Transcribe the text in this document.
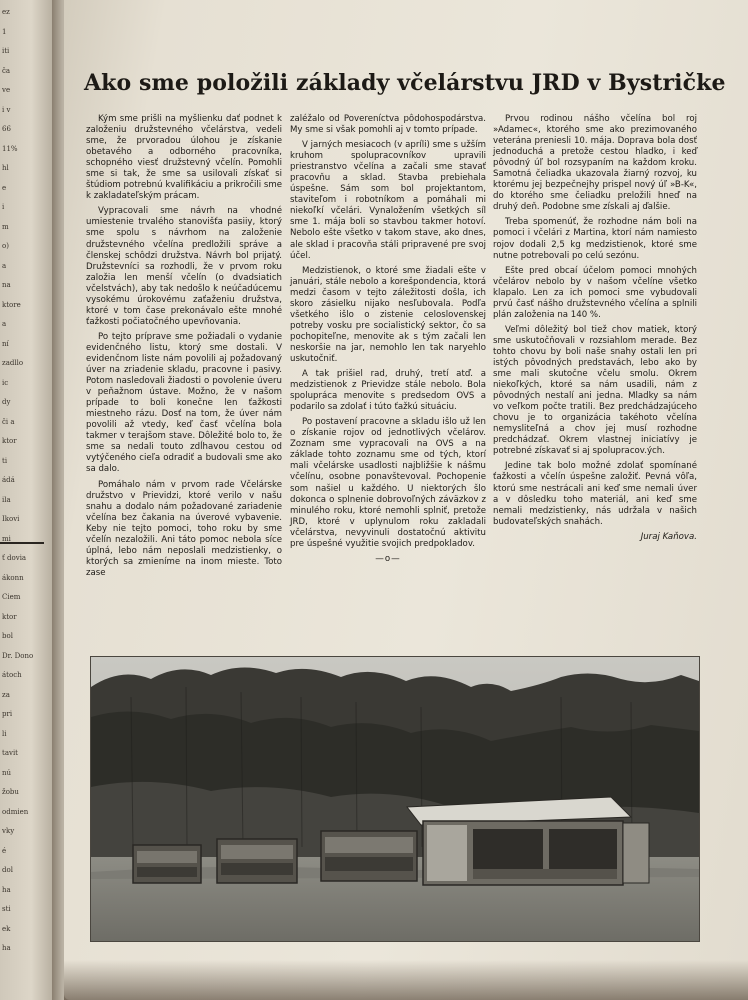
ez
1
iti
ča
ve
i v
66
11%
hl
e
i
m
o)
a
na
ktore
a
ní
zadllo
ic
dy
či a
ktor
ti
ádá
ila
Ikovi
mi
ť dovia
ákonn
Ciem
ktor
bol
Dr. Dono
átoch
za
pri
li
tavit
nú
žobu
odmien
vky
é
dol
ha
sti
ek
ha
Ako sme položili základy včelárstvu JRD v Bystričke

Kým sme prišli na myšlienku dať podnet k založeniu družstevného včelárstva, vedeli sme, že prvoradou úlohou je získanie obetavého a odborného pracovníka, schopného viesť družstevný včelín. Pomohli sme si tak, že sme sa usilovali získať si štúdiom potrebnú kvalifikáciu a prikročili sme k zakladateľským prácam.

Vypracovali sme návrh na vhodné umiestenie trvalého stanovišťa pasiiy, ktorý sme spolu s návrhom na založenie družstevného včelína predložili správe a členskej schôdzi družstva. Návrh bol prijatý. Družstevníci sa rozhodli, že v prvom roku založia len menší včelín (o dvadsiatich včelstvách), aby tak nedošlo k neúčadúcemu vysokému úrokovému zaťaženiu družstva, ktoré v tom čase prekonávalo ešte mnohé ťažkosti počiatočného upevňovania.

Po tejto príprave sme požiadali o vydanie evidenčného listu, ktorý sme dostali. V evidenčnom liste nám povolili aj požadovaný úver na zriadenie skladu, pracovne i pasivy. Potom nasledovali žiadosti o povolenie úveru v peňažnom ústave. Možno, že v našom prípade to boli konečne len ťažkosti miestneho rázu. Dosť na tom, že úver nám povolili až vtedy, keď časť včelína bola takmer v terajšom stave. Dôležité bolo to, že sme sa nedali touto zdĺhavou cestou od vytýčeného cieľa odradiť a budovali sme ako sa dalo.

Pomáhalo nám v prvom rade Včelárske družstvo v Prievidzi, ktoré verilo v našu snahu a dodalo nám požadované zariadenie včelína bez čakania na úverové vybavenie. Keby nie tejto pomoci, toho roku by sme včelín nezaložili. Ani táto pomoc nebola síce úplná, lebo nám neposlali medzistienky, o ktorých sa zmieníme na inom mieste. Toto zase

zaléžalo od Povereníctva pôdohospodárstva. My sme si však pomohli aj v tomto prípade.

V jarných mesiacoch (v apríli) sme s užším kruhom spolupracovníkov upravili priestranstvo včelína a začali sme stavať pracovňu a sklad. Stavba prebiehala úspešne. Sám som bol projektantom, staviteľom i robotníkom a pomáhali mi niekoľkí včelári. Vynaložením všetkých síl sme 1. mája boli so stavbou takmer hotoví. Nebolo ešte všetko v takom stave, ako dnes, ale sklad i pracovňa stáli pripravené pre svoj účel.

Medzistienok, o ktoré sme žiadali ešte v januári, stále nebolo a korešpondencia, ktorá medzi časom v tejto záležitosti došla, ich skoro zásielku nijako nesľubovala. Podľa všetkého išlo o zistenie celoslovenskej potreby vosku pre socialistický sektor, čo sa pochopiteľne, menovite ak s tým začali len neskoršie na jar, nemohlo len tak naryehlo uskutočniť.

A tak prišiel rad, druhý, tretí atď. a medzistienok z Prievidze stále nebolo. Bola spolupráca menovite s predsedom OVS a podarilo sa zdolať i túto ťažkú situáciu.

Po postavení pracovne a skladu išlo už len o získanie rojov od jednotlivých včelárov. Zoznam sme vypracovali na OVS a na základe tohto zoznamu sme od tých, ktorí mali včelárske usadlosti najbližšie k nášmu včelínu, osobne ponavštevoval. Pochopenie som našiel u každého. U niektorých šlo dokonca o splnenie dobrovoľných záväzkov z minulého roku, ktoré nemohli splniť, pretože JRD, ktoré v uplynulom roku zakladali včelárstva, nevyvinuli dostatočnú aktivitu pre úspešné využitie svojich predpokladov.

—o—

Prvou rodinou nášho včelína bol roj »Adamec«, ktorého sme ako prezimovaného veterána preniesli 10. mája. Doprava bola dosť jednoduchá a pretože cestou hladko, i keď pôvodný úľ bol rozsypaním na každom kroku. Samotná čeliadka ukazovala žiarný rozvoj, ku ktorému jej bezpečnejhy prispel nový úľ »B-K«, do ktorého sme čeliadku preložili hneď na druhý deň. Podobne sme získali aj ďalšie.

Treba spomenúť, že rozhodne nám boli na pomoci i včelári z Martina, ktorí nám namiesto rojov dodali 2,5 kg medzistienok, ktoré sme nutne potrebovali po celú sezónu.

Ešte pred obcaí účelom pomoci mnohých včelárov nebolo by v našom včelíne všetko klapalo. Len za ich pomoci sme vybudovali prvú časť nášho družstevného včelína a splnili plán založenia na 140 %.

Veľmi dôležitý bol tiež chov matiek, ktorý sme uskutočňovali v rozsiahlom merade. Bez tohto chovu by boli naše snahy ostali len pri istých pôvodných predstavách, lebo ako by sme mali skutočne včelu smolu. Okrem niekoľkých, ktoré sa nám usadili, nám z pôvodných nestalí ani jedna. Mladky sa nám vo veľkom počte tratili. Bez predchádzajúceho chovu je to organizácia takéhoto včelína nemysliteľná a chov jej musí rozhodne predchádzať. Okrem vlastnej iniciatívy je potrebné získavať si aj spolupracov.ých.

Jedine tak bolo možné zdolať spomínané ťažkosti a včelín úspešne založiť. Pevná vôľa, ktorú sme nestrácali ani keď sme nemali úver a v dôsledku toho materiál, ani keď sme nemali medzistienky, nás udržala v našich budovateľských snahách.

Juraj Kaňova.
